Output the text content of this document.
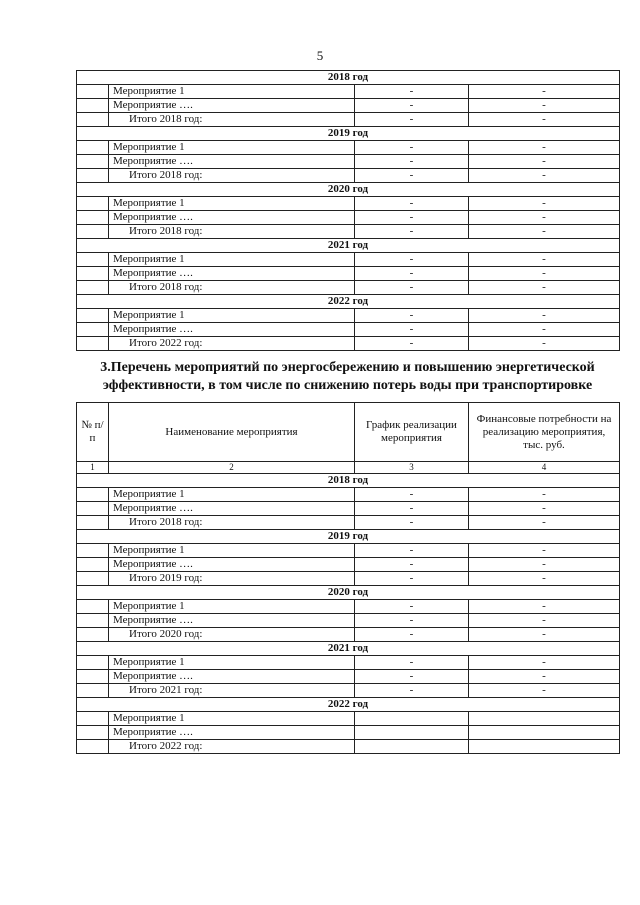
5
2018 год			
	Мероприятие 1	-	-
	Мероприятие ….	-	-
	Итого 2018 год:	-	-
2019 год			
	Мероприятие 1	-	-
	Мероприятие ….	-	-
	Итого 2018 год:	-	-
2020 год			
	Мероприятие 1	-	-
	Мероприятие ….	-	-
	Итого 2018 год:	-	-
2021 год			
	Мероприятие 1	-	-
	Мероприятие ….	-	-
	Итого 2018 год:	-	-
2022 год			
	Мероприятие 1	-	-
	Мероприятие ….	-	-
	Итого 2022 год:	-	-
3.Перечень мероприятий по энергосбережению и повышению энергетической эффективности, в том числе по снижению потерь воды при транспортировке
№ п/п	Наименование мероприятия	График реализации мероприятия	Финансовые потребности на реализацию мероприятия, тыс. руб.
1	2	3	4
2018 год			
	Мероприятие 1	-	-
	Мероприятие ….	-	-
	Итого 2018 год:	-	-
2019 год			
	Мероприятие 1	-	-
	Мероприятие ….	-	-
	Итого 2019 год:	-	-
2020 год			
	Мероприятие 1	-	-
	Мероприятие ….	-	-
	Итого 2020 год:	-	-
2021 год			
	Мероприятие 1	-	-
	Мероприятие ….	-	-
	Итого 2021 год:	-	-
2022 год			
	Мероприятие 1		
	Мероприятие ….		
	Итого 2022 год:		
